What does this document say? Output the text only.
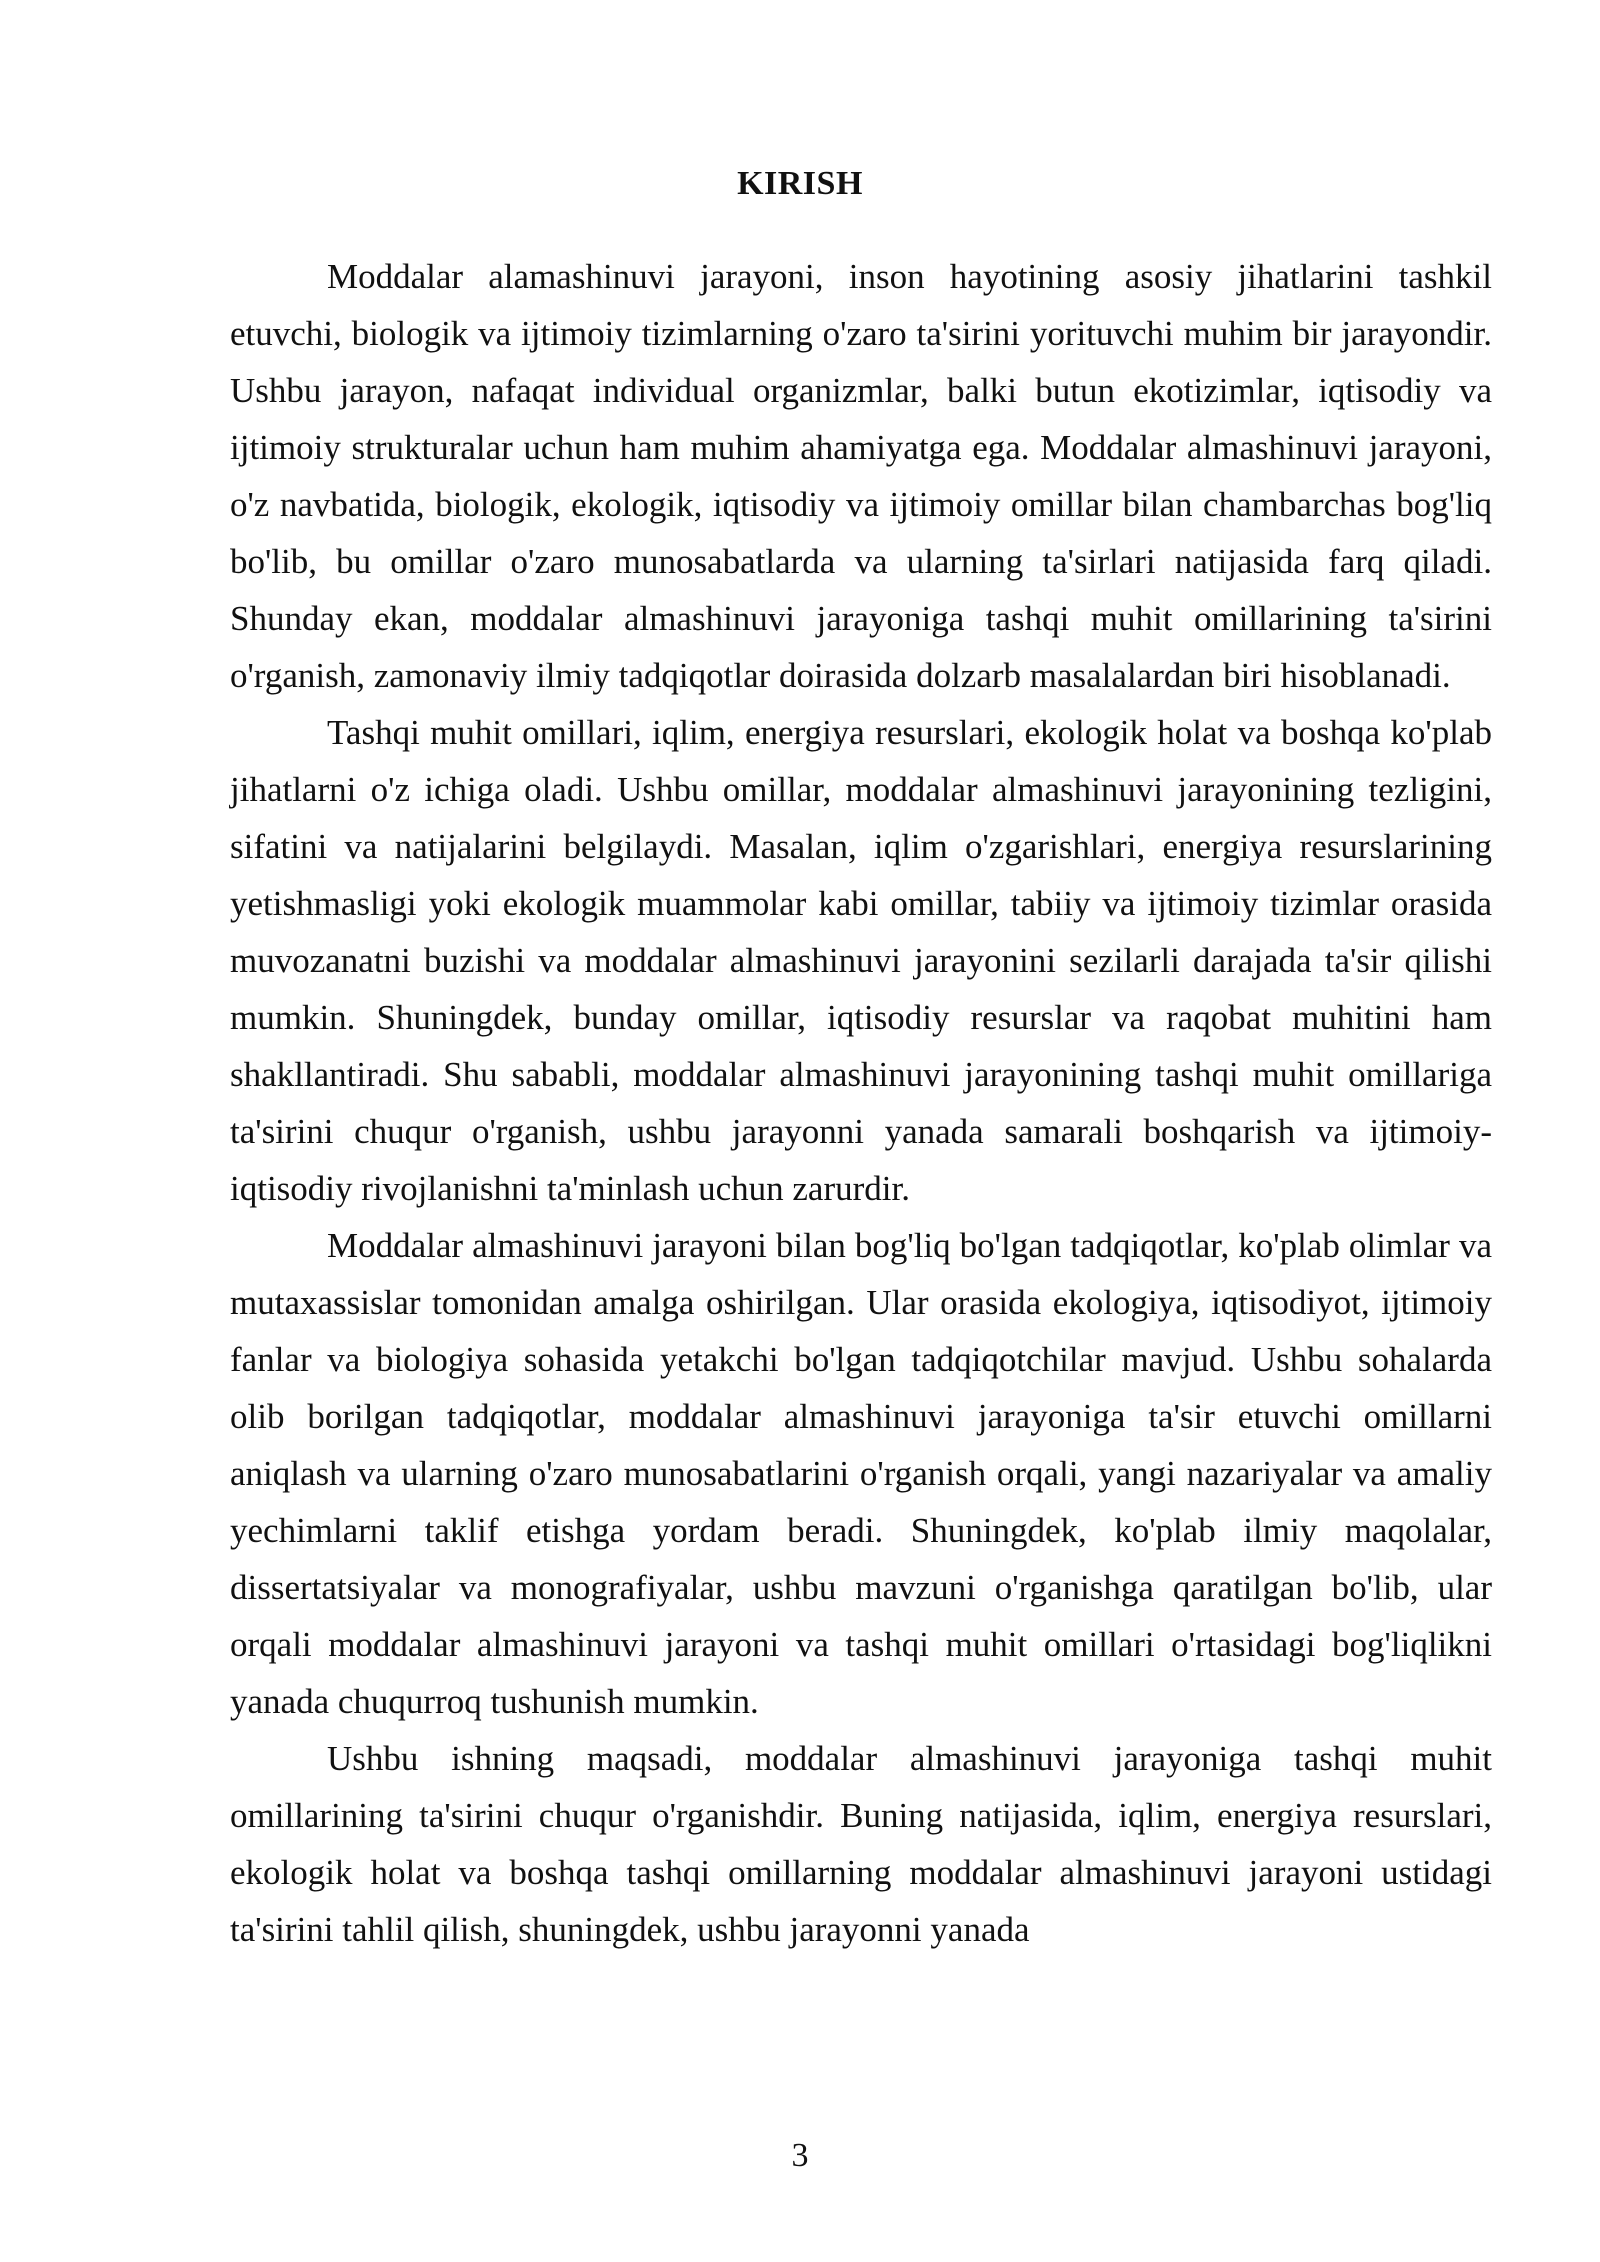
KIRISH

Moddalar alamashinuvi jarayoni, inson hayotining asosiy jihatlarini tashkil etuvchi, biologik va ijtimoiy tizimlarning o'zaro ta'sirini yorituvchi muhim bir jarayondir. Ushbu jarayon, nafaqat individual organizmlar, balki butun ekotizimlar, iqtisodiy va ijtimoiy strukturalar uchun ham muhim ahamiyatga ega. Moddalar almashinuvi jarayoni, o'z navbatida, biologik, ekologik, iqtisodiy va ijtimoiy omillar bilan chambarchas bog'liq bo'lib, bu omillar o'zaro munosabatlarda va ularning ta'sirlari natijasida farq qiladi. Shunday ekan, moddalar almashinuvi jarayoniga tashqi muhit omillarining ta'sirini o'rganish, zamonaviy ilmiy tadqiqotlar doirasida dolzarb masalalardan biri hisoblanadi.

Tashqi muhit omillari, iqlim, energiya resurslari, ekologik holat va boshqa ko'plab jihatlarni o'z ichiga oladi. Ushbu omillar, moddalar almashinuvi jarayonining tezligini, sifatini va natijalarini belgilaydi. Masalan, iqlim o'zgarishlari, energiya resurslarining yetishmasligi yoki ekologik muammolar kabi omillar, tabiiy va ijtimoiy tizimlar orasida muvozanatni buzishi va moddalar almashinuvi jarayonini sezilarli darajada ta'sir qilishi mumkin. Shuningdek, bunday omillar, iqtisodiy resurslar va raqobat muhitini ham shakllantiradi. Shu sababli, moddalar almashinuvi jarayonining tashqi muhit omillariga ta'sirini chuqur o'rganish, ushbu jarayonni yanada samarali boshqarish va ijtimoiy-iqtisodiy rivojlanishni ta'minlash uchun zarurdir.

Moddalar almashinuvi jarayoni bilan bog'liq bo'lgan tadqiqotlar, ko'plab olimlar va mutaxassislar tomonidan amalga oshirilgan. Ular orasida ekologiya, iqtisodiyot, ijtimoiy fanlar va biologiya sohasida yetakchi bo'lgan tadqiqotchilar mavjud. Ushbu sohalarda olib borilgan tadqiqotlar, moddalar almashinuvi jarayoniga ta'sir etuvchi omillarni aniqlash va ularning o'zaro munosabatlarini o'rganish orqali, yangi nazariyalar va amaliy yechimlarni taklif etishga yordam beradi. Shuningdek, ko'plab ilmiy maqolalar, dissertatsiyalar va monografiyalar, ushbu mavzuni o'rganishga qaratilgan bo'lib, ular orqali moddalar almashinuvi jarayoni va tashqi muhit omillari o'rtasidagi bog'liqlikni yanada chuqurroq tushunish mumkin.

Ushbu ishning maqsadi, moddalar almashinuvi jarayoniga tashqi muhit omillarining ta'sirini chuqur o'rganishdir. Buning natijasida, iqlim, energiya resurslari, ekologik holat va boshqa tashqi omillarning moddalar almashinuvi jarayoni ustidagi ta'sirini tahlil qilish, shuningdek, ushbu jarayonni yanada

3
